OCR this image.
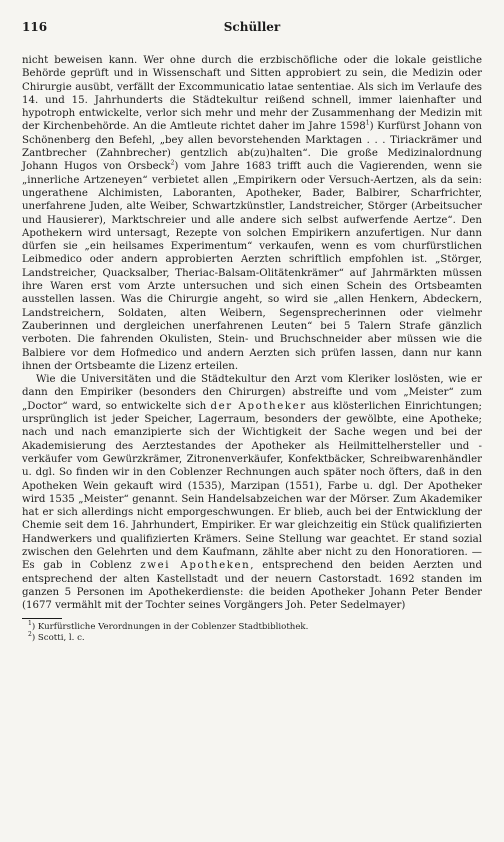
116	Schüller

nicht beweisen kann. Wer ohne durch die erzbischöfliche oder die lokale geistliche Behörde geprüft und in Wissenschaft und Sitten approbiert zu sein, die Medizin oder Chirurgie ausübt, verfällt der Excommunicatio latae sententiae. Als sich im Verlaufe des 14. und 15. Jahrhunderts die Städtekultur reißend schnell, immer laienhafter und hypotroph entwickelte, verlor sich mehr und mehr der Zusammenhang der Medizin mit der Kirchenbehörde. An die Amtleute richtet daher im Jahre 1598$^1$) Kurfürst Johann von Schönenberg den Befehl, „bey allen bevorstehenden Marktagen . . . Tiriackrämer und Zantbrecher (Zahnbrecher) gentzlich ab(zu)halten“. Die große Medizinalordnung Johann Hugos von Orsbeck$^2$) vom Jahre 1683 trifft auch die Vagierenden, wenn sie „innerliche Artzeneyen“ verbietet allen „Empirikern oder Versuch-Aertzen, als da sein: ungerathene Alchimisten, Laboranten, Apotheker, Bader, Balbirer, Scharfrichter, unerfahrene Juden, alte Weiber, Schwartzkünstler, Landstreicher, Störger (Arbeitsucher und Hausierer), Marktschreier und alle andere sich selbst aufwerfende Aertze“. Den Apothekern wird untersagt, Rezepte von solchen Empirikern anzufertigen. Nur dann dürfen sie „ein heilsames Experimentum“ verkaufen, wenn es vom churfürstlichen Leibmedico oder andern approbierten Aerzten schriftlich empfohlen ist. „Störger, Landstreicher, Quacksalber, Theriac-Balsam-Olitätenkrämer“ auf Jahrmärkten müssen ihre Waren erst vom Arzte untersuchen und sich einen Schein des Ortsbeamten ausstellen lassen. Was die Chirurgie angeht, so wird sie „allen Henkern, Abdeckern, Landstreichern, Soldaten, alten Weibern, Segensprecherinnen oder vielmehr Zauberinnen und dergleichen unerfahrenen Leuten“ bei 5 Talern Strafe gänzlich verboten. Die fahrenden Okulisten, Stein- und Bruchschneider aber müssen wie die Balbiere vor dem Hofmedico und andern Aerzten sich prüfen lassen, dann nur kann ihnen der Ortsbeamte die Lizenz erteilen.

Wie die Universitäten und die Städtekultur den Arzt vom Kleriker loslösten, wie er dann den Empiriker (besonders den Chirurgen) abstreifte und vom „Meister“ zum „Doctor“ ward, so entwickelte sich der Apotheker aus klösterlichen Einrichtungen; ursprünglich ist jeder Speicher, Lagerraum, besonders der gewölbte, eine Apotheke; nach und nach emanzipierte sich der Wichtigkeit der Sache wegen und bei der Akademisierung des Aerztestandes der Apotheker als Heilmittelhersteller und -verkäufer vom Gewürzkrämer, Zitronenverkäufer, Konfektbäcker, Schreibwarenhändler u. dgl. So finden wir in den Coblenzer Rechnungen auch später noch öfters, daß in den Apotheken Wein gekauft wird (1535), Marzipan (1551), Farbe u. dgl. Der Apotheker wird 1535 „Meister“ genannt. Sein Handelsabzeichen war der Mörser. Zum Akademiker hat er sich allerdings nicht emporgeschwungen. Er blieb, auch bei der Entwicklung der Chemie seit dem 16. Jahrhundert, Empiriker. Er war gleichzeitig ein Stück qualifizierten Handwerkers und qualifizierten Krämers. Seine Stellung war geachtet. Er stand sozial zwischen den Gelehrten und dem Kaufmann, zählte aber nicht zu den Honoratioren. — Es gab in Coblenz zwei Apotheken, entsprechend den beiden Aerzten und entsprechend der alten Kastellstadt und der neuern Castorstadt. 1692 standen im ganzen 5 Personen im Apothekerdienste: die beiden Apotheker Johann Peter Bender (1677 vermählt mit der Tochter seines Vorgängers Joh. Peter Sedelmayer)

$^1$) Kurfürstliche Verordnungen in der Coblenzer Stadtbibliothek.
$^2$) Scotti, l. c.
